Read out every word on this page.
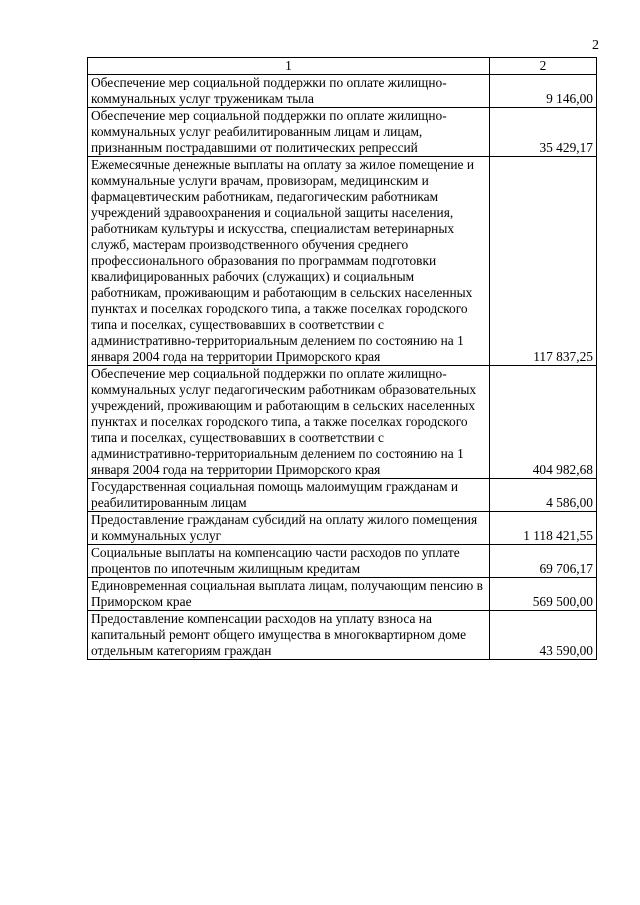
2
1	2
Обеспечение мер социальной поддержки по оплате жилищно-коммунальных услуг труженикам тыла	9 146,00
Обеспечение мер социальной поддержки по оплате жилищно-коммунальных услуг реабилитированным лицам и лицам, признанным пострадавшими от политических репрессий	35 429,17
Ежемесячные денежные выплаты на оплату за жилое помещение и коммунальные услуги врачам, провизорам, медицинским и фармацевтическим работникам, педагогическим работникам учреждений здравоохранения и социальной защиты населения, работникам культуры и искусства, специалистам ветеринарных служб, мастерам производственного обучения среднего профессионального образования по программам подготовки квалифицированных рабочих (служащих) и социальным работникам, проживающим и работающим в сельских населенных пунктах и поселках городского типа, а также поселках городского типа и поселках, существовавших в соответствии с административно-территориальным делением по состоянию на 1 января 2004 года на территории Приморского края	117 837,25
Обеспечение мер социальной поддержки по оплате жилищно-коммунальных услуг педагогическим работникам образовательных учреждений, проживающим и работающим в сельских населенных пунктах и поселках городского типа, а также поселках городского типа и поселках, существовавших в соответствии с административно-территориальным делением по состоянию на 1 января 2004 года на территории Приморского края	404 982,68
Государственная социальная помощь малоимущим гражданам и реабилитированным лицам	4 586,00
Предоставление гражданам субсидий на оплату жилого помещения и коммунальных услуг	1 118 421,55
Социальные выплаты на компенсацию части расходов по уплате процентов по ипотечным жилищным кредитам	69 706,17
Единовременная социальная выплата лицам, получающим пенсию в Приморском крае	569 500,00
Предоставление компенсации расходов на уплату взноса на капитальный ремонт общего имущества в многоквартирном доме отдельным категориям граждан	43 590,00
